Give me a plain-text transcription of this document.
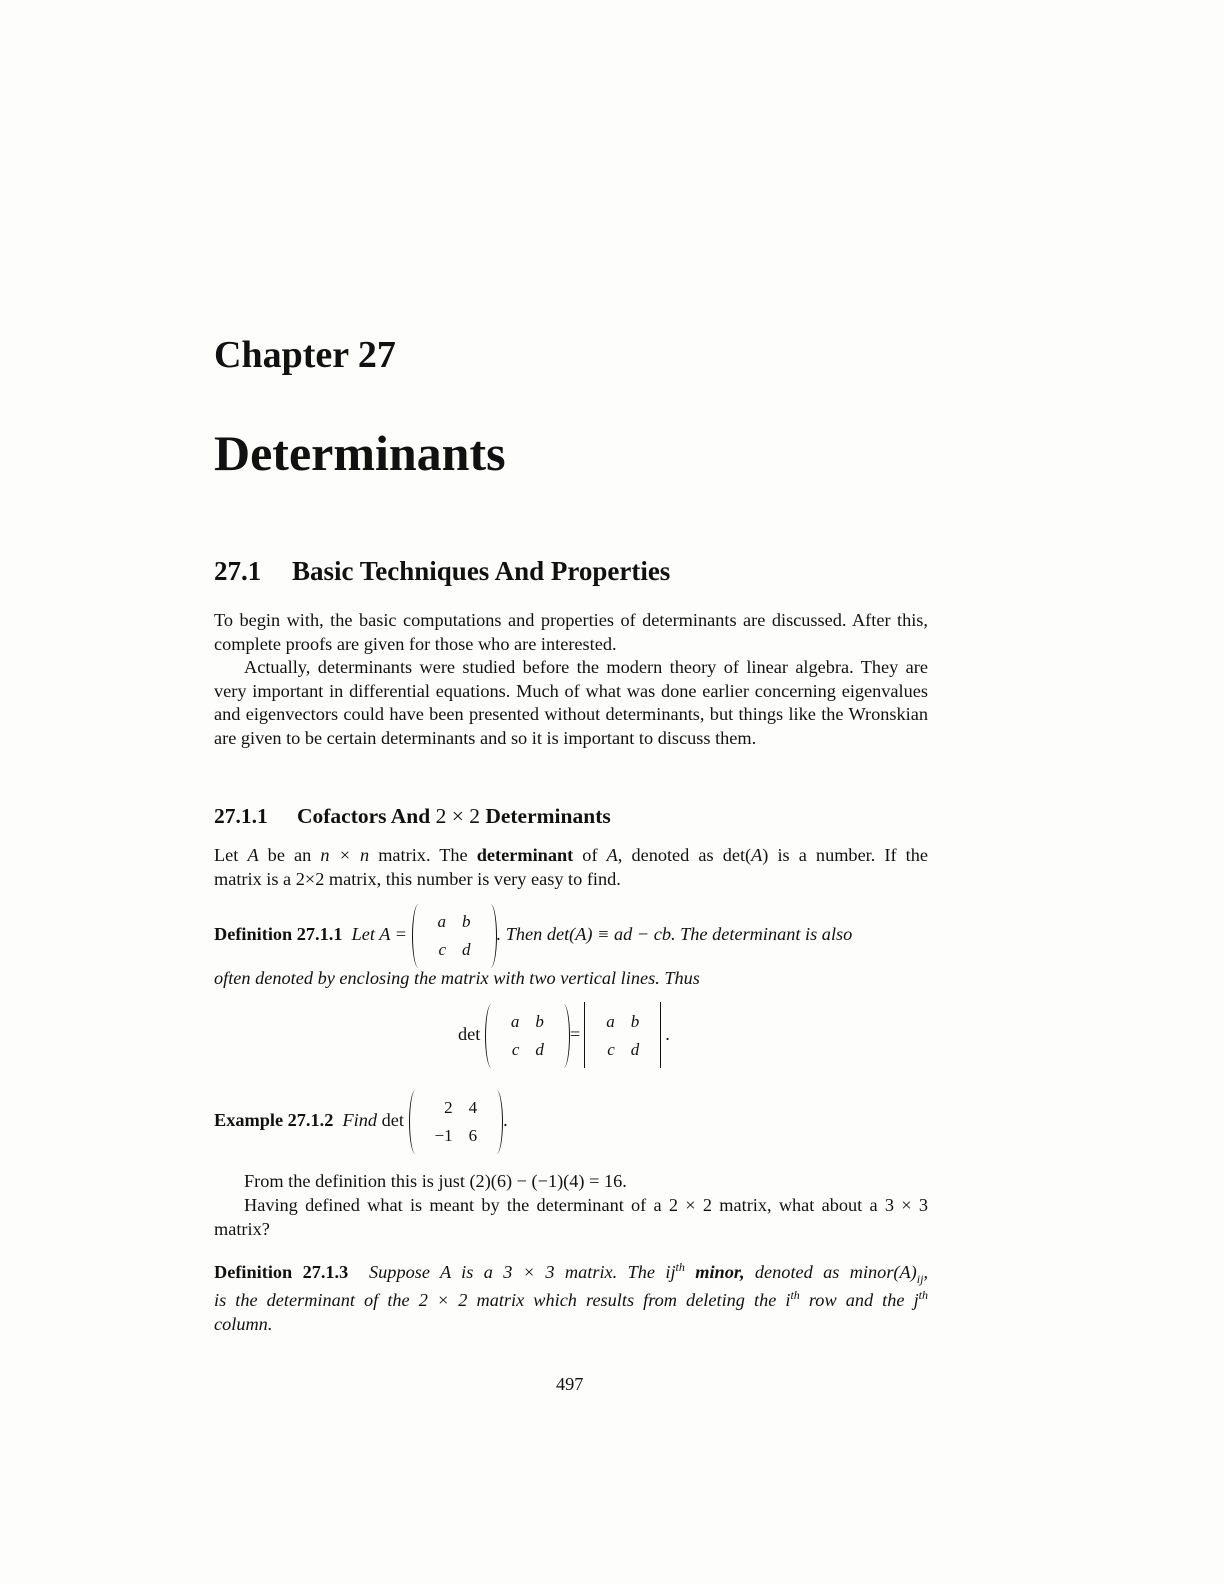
Chapter 27
Determinants
27.1 Basic Techniques And Properties
To begin with, the basic computations and properties of determinants are discussed. After this, complete proofs are given for those who are interested.
Actually, determinants were studied before the modern theory of linear algebra. They are very important in differential equations. Much of what was done earlier concerning eigenvalues and eigenvectors could have been presented without determinants, but things like the Wronskian are given to be certain determinants and so it is important to discuss them.
27.1.1 Cofactors And 2 × 2 Determinants
Let A be an n × n matrix. The determinant of A, denoted as det(A) is a number. If the
matrix is a 2×2 matrix, this number is very easy to find.
Definition 27.1.1 Let A =
a	b
c	d
. Then det(A) ≡ ad − cb. The determinant is also
often denoted by enclosing the matrix with two vertical lines. Thus
det
a	b
c	d
=
a	b
c	d
.
Example 27.1.2 Find det
2	4
−1	6
.
From the definition this is just (2)(6) − (−1)(4) = 16.
Having defined what is meant by the determinant of a 2 × 2 matrix, what about a 3 × 3
matrix?
Definition 27.1.3 Suppose A is a 3 × 3 matrix. The $ij^{th}$ minor, denoted as $minor(A)_{ij}$,
is the determinant of the 2 × 2 matrix which results from deleting the $i^{th}$ row and the $j^{th}$
column.
497
